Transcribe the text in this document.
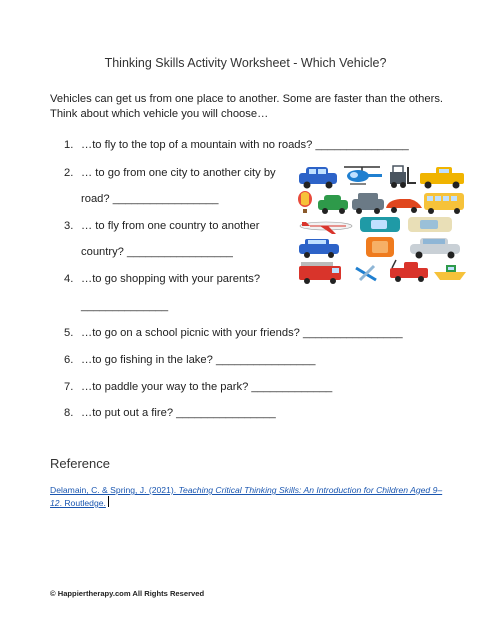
Thinking Skills Activity Worksheet - Which Vehicle?
Vehicles can get us from one place to another. Some are faster than the others. Think about which vehicle you will choose…
1. …to fly to the top of a mountain with no roads? _______________
2. … to go from one city to another city by
road? _________________
3. … to fly from one country to another
country? _________________
4. …to go shopping with your parents?
______________
5. …to go on a school picnic with your friends? ________________
6. …to go fishing in the lake? ________________
7. …to paddle your way to the park? _____________
8. …to put out a fire? ________________
Reference
Delamain, C. & Spring, J. (2021). Teaching Critical Thinking Skills: An Introduction for Children Aged 9–12. Routledge.
© Happiertherapy.com All Rights Reserved
